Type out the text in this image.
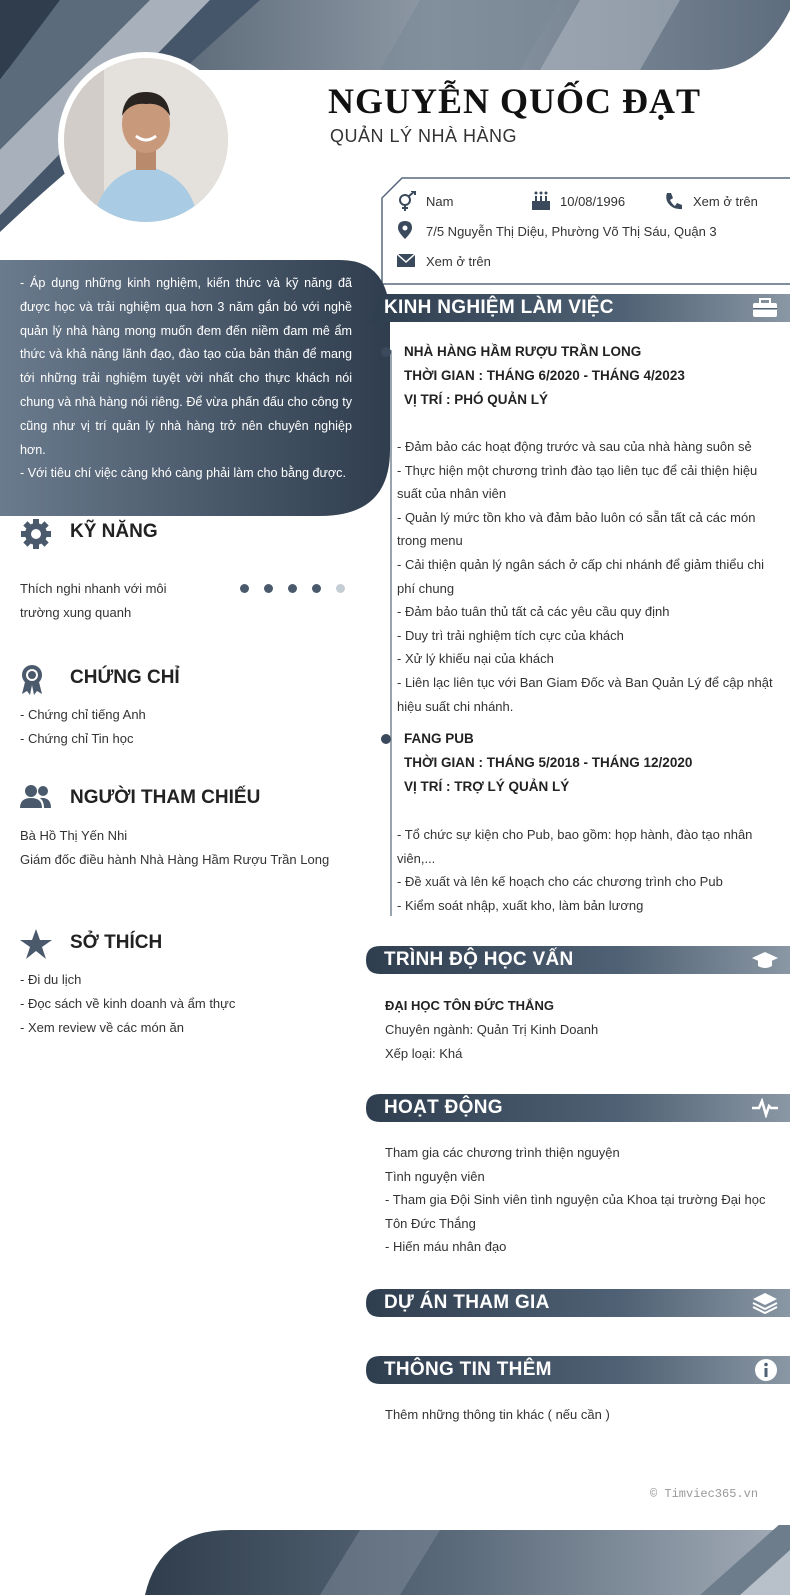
NGUYỄN QUỐC ĐẠT
QUẢN LÝ NHÀ HÀNG
Nam	10/08/1996	Xem ở trên
7/5 Nguyễn Thị Diệu, Phường Võ Thị Sáu, Quận 3
Xem ở trên
- Áp dụng những kinh nghiệm, kiến thức và kỹ năng đã được học và trải nghiệm qua hơn 3 năm gắn bó với nghề quản lý nhà hàng mong muốn đem đến niềm đam mê ẩm thức và khả năng lãnh đạo, đào tạo của bản thân để mang tới những trải nghiệm tuyệt vời nhất cho thực khách nói chung và nhà hàng nói riêng. Để vừa phấn đấu cho công ty cũng như vị trí quản lý nhà hàng trở nên chuyên nghiệp hơn.
- Với tiêu chí việc càng khó càng phải làm cho bằng được.
KỸ NĂNG
Thích nghi nhanh với môi trường xung quanh
CHỨNG CHỈ
- Chứng chỉ tiếng Anh
- Chứng chỉ Tin học
NGƯỜI THAM CHIẾU
Bà Hồ Thị Yến Nhi
Giám đốc điều hành Nhà Hàng Hầm Rượu Trần Long
SỞ THÍCH
- Đi du lịch
- Đọc sách về kinh doanh và ẩm thực
- Xem review về các món ăn
KINH NGHIỆM LÀM VIỆC
NHÀ HÀNG HẦM RƯỢU TRẦN LONG
THỜI GIAN : THÁNG 6/2020 - THÁNG 4/2023
VỊ TRÍ : PHÓ QUẢN LÝ
- Đảm bảo các hoạt động trước và sau của nhà hàng suôn sẻ
- Thực hiện một chương trình đào tạo liên tục để cải thiện hiệu
suất của nhân viên
- Quản lý mức tồn kho và đảm bảo luôn có sẵn tất cả các món
trong menu
- Cải thiện quản lý ngân sách ở cấp chi nhánh để giảm thiểu chi
phí chung
- Đảm bảo tuân thủ tất cả các yêu cầu quy định
- Duy trì trải nghiệm tích cực của khách
- Xử lý khiếu nại của khách
- Liên lạc liên tục với Ban Giam Đốc và Ban Quản Lý để cập nhật
hiệu suất chi nhánh.
FANG PUB
THỜI GIAN : THÁNG 5/2018 - THÁNG 12/2020
VỊ TRÍ : TRỢ LÝ QUẢN LÝ
- Tổ chức sự kiện cho Pub, bao gồm: họp hành, đào tạo nhân
viên,...
- Đề xuất và lên kế hoạch cho các chương trình cho Pub
- Kiểm soát nhập, xuất kho, làm bản lương
TRÌNH ĐỘ HỌC VẤN
ĐẠI HỌC TÔN ĐỨC THẮNG
Chuyên ngành: Quản Trị Kinh Doanh
Xếp loại: Khá
HOẠT ĐỘNG
Tham gia các chương trình thiện nguyện
Tình nguyện viên
- Tham gia Đội Sinh viên tình nguyện của Khoa tại trường Đại học
Tôn Đức Thắng
- Hiến máu nhân đạo
DỰ ÁN THAM GIA
THÔNG TIN THÊM
Thêm những thông tin khác ( nếu cần )
© Timviec365.vn
